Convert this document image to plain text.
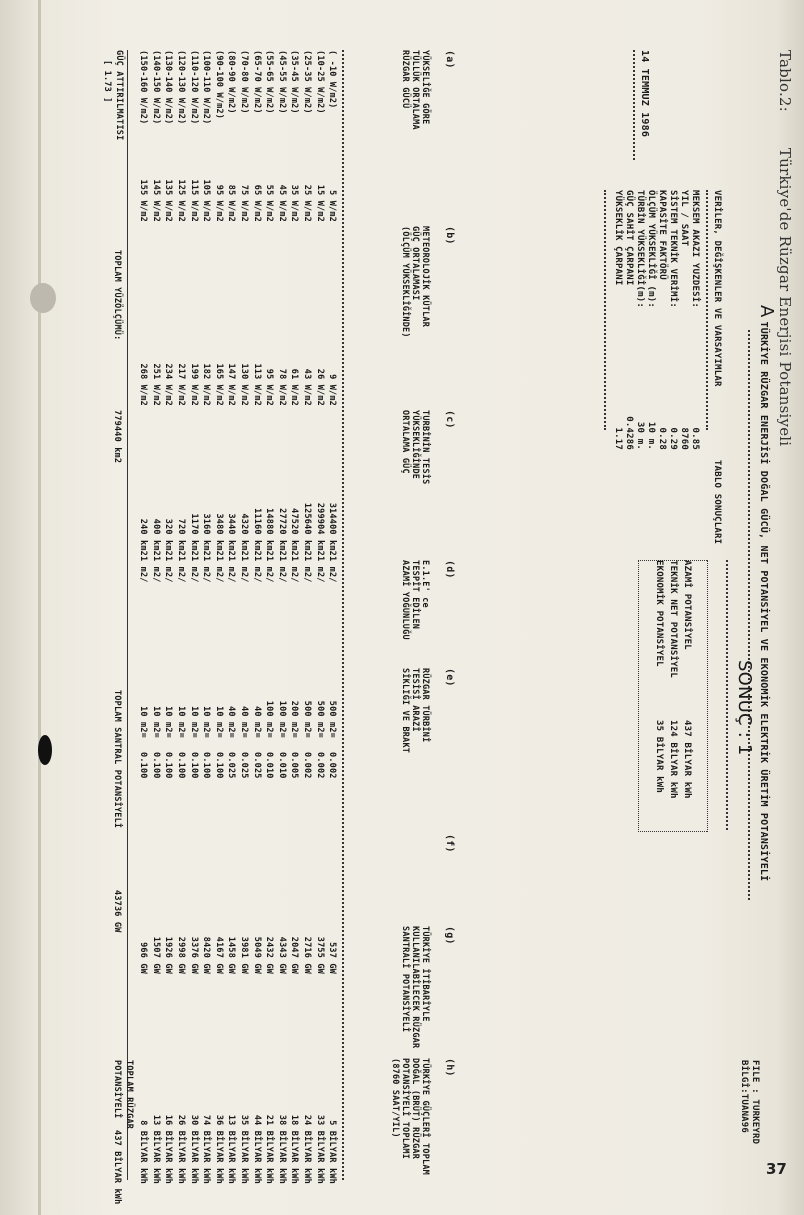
Tablo.2:Türkiye'de Rüzgar Enerjisi Potansiyeli
14 TEMMUZ 1986
ATÜRKİYE RÜZGAR ENERJİSİ DOĞAL GÜCÜ, NET POTANSİYEL VE EKONOMİK ELEKTRİK ÜRETİM POTANSİYELİ
FILE : TURKEYRD
BİLGİ:TUANA96
VERİLER, DEĞİŞKENLER VE VARSAYIMLAR
MEKSEM AKAZI YUZDESİ:
0.85
YIL / SAAT
8760
SİSTEM TEKNİK VERİMİ:
0.29
KAPASİTE FAKTÖRÜ
0.28
ÖLÇÜM YÜKSEKLİĞİ (m):
10 m.
TÜRBİN YÜKSEKLİĞİ(m):
30 m.
GÜÇ SAHİT ÇARPANI
0.4286
YÜKSEKLİK ÇARPANI
1.17
TABLO SONUÇLARI
SONUÇ : 1
AZAMİ POTANSİYEL
437 BİLYAR kWh
TEKNİK NET POTANSİYEL
124 BİLYAR kWh
EKONOMİK POTANSİYEL
35 BİLYAR kWh
(a)
(b)
(c)
(d)
(e)
(f)
(g)
(h)
YÜKSELİĞE GÖRE
TÜLLÜK ORTALAMA
RÜZGAR GÜCÜ
METEOROLOJİK KÜTLAR
GÜÇ ORTALAMASI
(ÖLÇÜM YÜKSEKLİĞİNDE)
TURBİNİN TESİS
YÜKSEKLİĞİNDE
ORTALAMA GÜÇ
E.1.E' ce
TESPİT EDİLEN
AZAMİ YOĞUNLUĞU
RÜZGAR TÜRBİNİ
TESİSİ ARAZİ
SİKLIĞI VE BRAKT
TÜRKİYE İTİBARİYLE
KULLANILABİLECEK RÜZGAR
SANTRALİ POTANSİYELİ
TÜRKİYE GÜÇLERİ TOPLAM
DOĞAL (BRÜT) RÜZGAR
POTANSİYELİ TOPLAMI
(8760 SAAT/YIL)
( -10 W/m2)
5 W/m2
9 W/m2
314400 km2
1 m2/
500 m2=
0.002
537 GW
5 BİLYAR kWh
(10-25 W/m2)
15 W/m2
26 W/m2
299904 km2
1 m2/
500 m2=
0.002
3755 GW
33 BİLYAR kWh
(25-35 W/m2)
25 W/m2
43 W/m2
125640 km2
1 m2/
500 m2=
0.002
2716 GW
24 BİLYAR kWh
(35-45 W/m2)
35 W/m2
61 W/m2
47520 km2
1 m2/
200 m2=
0.005
2047 GW
18 BİLYAR kWh
(45-55 W/m2)
45 W/m2
78 W/m2
27720 km2
1 m2/
100 m2=
0.010
4343 GW
38 BİLYAR kWh
(55-65 W/m2)
55 W/m2
95 W/m2
14880 km2
1 m2/
100 m2=
0.010
2432 GW
21 BİLYAR kWh
(65-70 W/m2)
65 W/m2
113 W/m2
11160 km2
1 m2/
40 m2=
0.025
5049 GW
44 BİLYAR kWh
(70-80 W/m2)
75 W/m2
130 W/m2
4320 km2
1 m2/
40 m2=
0.025
3981 GW
35 BİLYAR kWh
(80-90 W/m2)
85 W/m2
147 W/m2
3440 km2
1 m2/
40 m2=
0.025
1458 GW
13 BİLYAR kWh
(90-100 W/m2)
95 W/m2
165 W/m2
3480 km2
1 m2/
10 m2=
0.100
4167 GW
36 BİLYAR kWh
(100-110 W/m2)
105 W/m2
182 W/m2
3160 km2
1 m2/
10 m2=
0.100
8420 GW
74 BİLYAR kWh
(110-120 W/m2)
115 W/m2
199 W/m2
1170 km2
1 m2/
10 m2=
0.100
3376 GW
30 BİLYAR kWh
(120-130 W/m2)
125 W/m2
217 W/m2
720 km2
1 m2/
10 m2=
0.100
2998 GW
26 BİLYAR kWh
(130-140 W/m2)
135 W/m2
234 W/m2
320 km2
1 m2/
10 m2=
0.100
1926 GW
16 BİLYAR kWh
(140-150 W/m2)
145 W/m2
251 W/m2
400 km2
1 m2/
10 m2=
0.100
1507 GW
13 BİLYAR kWh
(150-160 W/m2)
155 W/m2
268 W/m2
240 km2
1 m2/
10 m2=
0.100
966 GW
8 BİLYAR kWh
GÜÇ ATTIRILMATISI
[ 1.73 ]
TOPLAM YÜZÖLÇÜMÜ:
779440 km2
TOPLAM SANTRAL POTANSİYELİ
43736 GW
TOPLAM RÜZGAR
POTANSİYELİ
437 BİLYAR kWh	37
